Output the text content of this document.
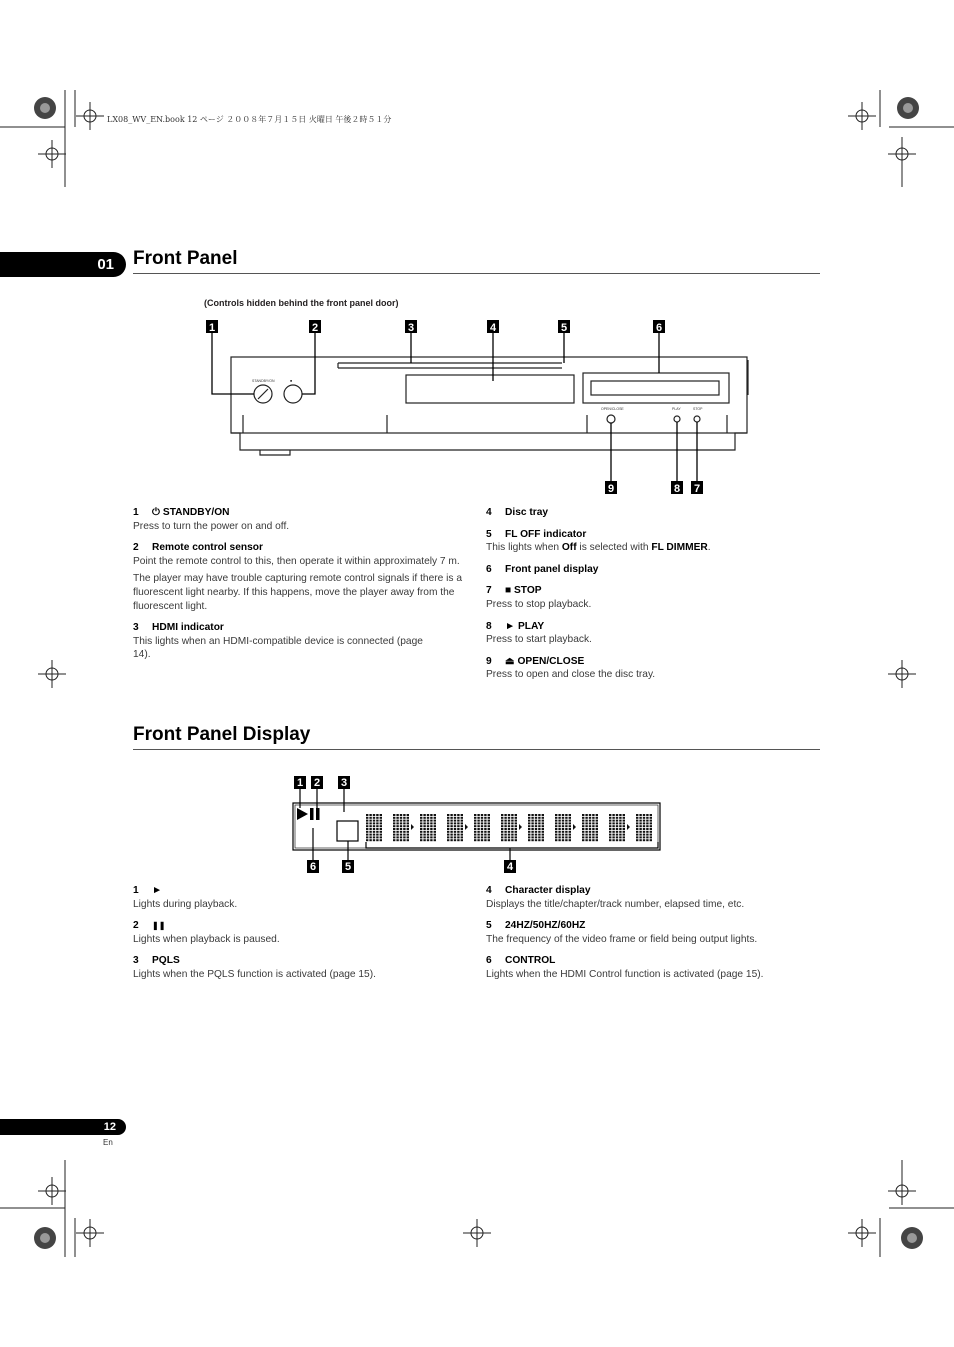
LX08_WV_EN.book 12 ページ ２００８年７月１５日 火曜日 午後２時５１分
01	Front Panel
(Controls hidden behind the front panel door)
STANDBY/ON	■
OPEN/CLOSE	PLAY	STOP
1	2	3	4	5	6
9	8 7
1 ⏻ STANDBY/ON

Press to turn the power on and off.

2 Remote control sensor

Point the remote control to this, then operate it within approximately 7 m.

The player may have trouble capturing remote control signals if there is a fluorescent light nearby. If this happens, move the player away from the fluorescent light.

3 HDMI indicator

This lights when an HDMI-compatible device is connected (page 14).

4 Disc tray
5 FL OFF indicator

This lights when Off is selected with FL DIMMER.

6 Front panel display
7 ■ STOP

Press to stop playback.

8 ► PLAY

Press to start playback.

9 ⏏ OPEN/CLOSE

Press to open and close the disc tray.

Front Panel Display
1 2 3
6	5	4
1 ►

Lights during playback.

2 ❚❚

Lights when playback is paused.

3 PQLS

Lights when the PQLS function is activated (page 15).

4 Character display

Displays the title/chapter/track number, elapsed time, etc.

5 24HZ/50HZ/60HZ

The frequency of the video frame or field being output lights.

6 CONTROL

Lights when the HDMI Control function is activated (page 15).

12
En
